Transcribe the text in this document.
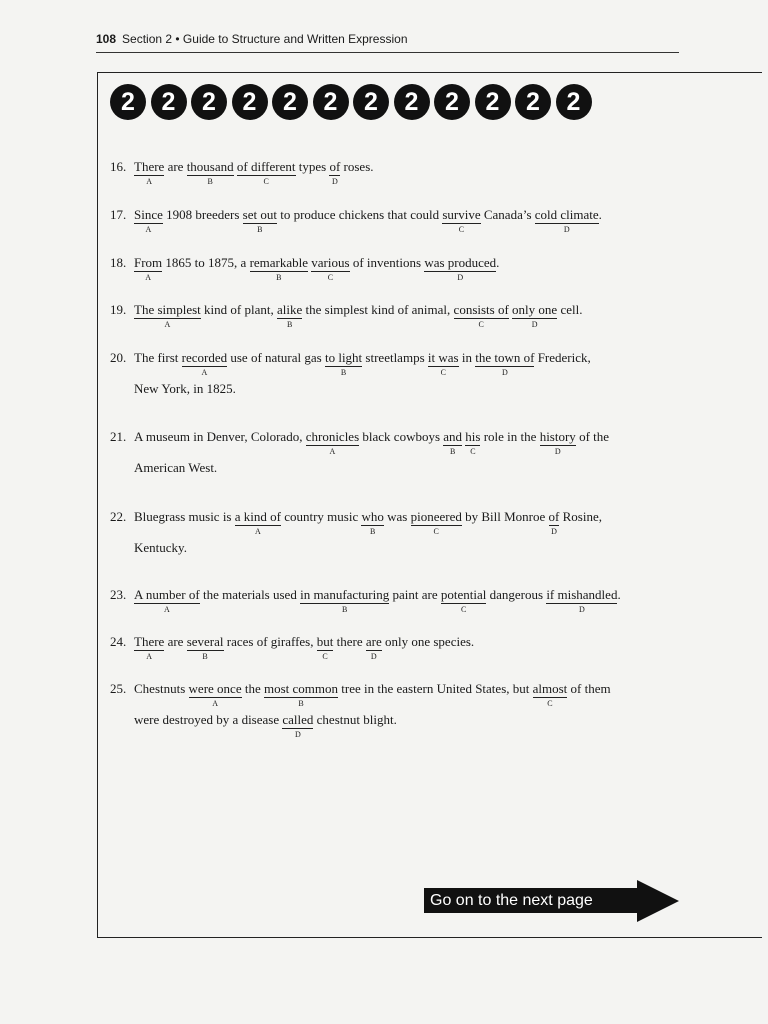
108 Section 2 • Guide to Structure and Written Expression
2	2	2	2	2	2	2	2	2	2	2	2
16. There
A
are thousand
B
of different
C
types of
D
roses.
17. Since
A
1908 breeders set out
B
to produce chickens that could survive
C
Canada’s cold climate
D
.
18. From
A
1865 to 1875, a remarkable
B
various
C
of inventions was produced
D
.
19. The simplest
A
kind of plant, alike
B
the simplest kind of animal, consists of
C
only one
D
cell.
20. The first recorded
A
use of natural gas to light
B
streetlamps it was
C
in the town of
D
Frederick,
New York, in 1825.
21. A museum in Denver, Colorado, chronicles
A
black cowboys and
B
his
C
role in the history
D
of the
American West.
22. Bluegrass music is a kind of
A
country music who
B
was pioneered
C
by Bill Monroe of
D
Rosine,
Kentucky.
23. A number of
A
the materials used in manufacturing
B
paint are potential
C
dangerous if mishandled
D
.
24. There
A
are several
B
races of giraffes, but
C
there are
D
only one species.
25. Chestnuts were once
A
the most common
B
tree in the eastern United States, but almost
C
of them
were destroyed by a disease called
D
chestnut blight.
Go on to the next page
